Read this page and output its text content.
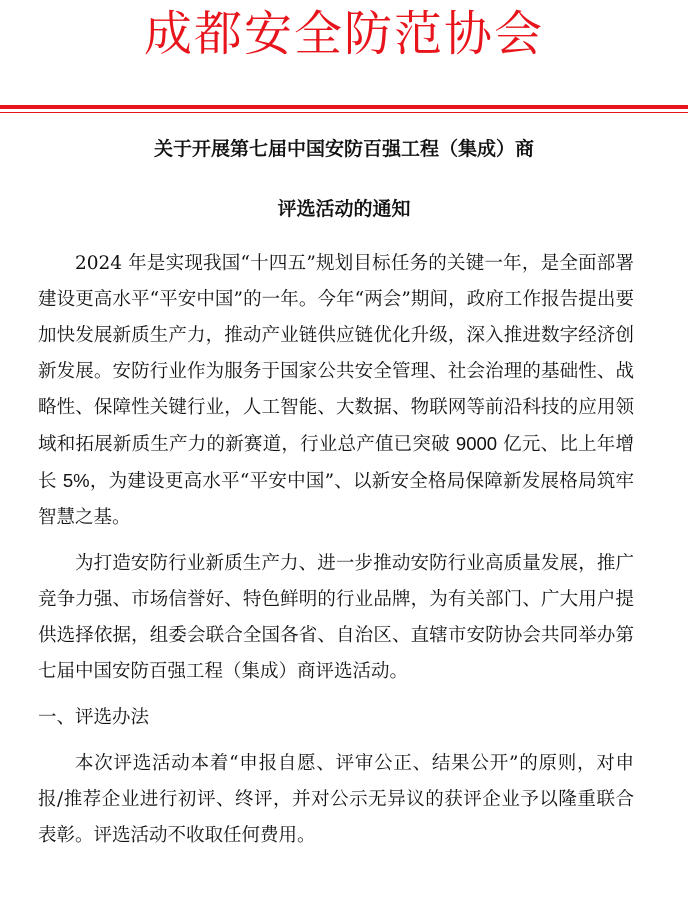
成都安全防范协会
关于开展第七届中国安防百强工程（集成）商
评选活动的通知

2024 年是实现我国“十四五”规划目标任务的关键一年，是全面部署建设更高水平“平安中国”的一年。今年“两会”期间，政府工作报告提出要加快发展新质生产力，推动产业链供应链优化升级，深入推进数字经济创新发展。安防行业作为服务于国家公共安全管理、社会治理的基础性、战略性、保障性关键行业，人工智能、大数据、物联网等前沿科技的应用领域和拓展新质生产力的新赛道，行业总产值已突破 9000 亿元、比上年增长 5%，为建设更高水平“平安中国”、以新安全格局保障新发展格局筑牢智慧之基。

为打造安防行业新质生产力、进一步推动安防行业高质量发展，推广竞争力强、市场信誉好、特色鲜明的行业品牌，为有关部门、广大用户提供选择依据，组委会联合全国各省、自治区、直辖市安防协会共同举办第七届中国安防百强工程（集成）商评选活动。

一、评选办法

本次评选活动本着“申报自愿、评审公正、结果公开”的原则，对申报/推荐企业进行初评、终评，并对公示无异议的获评企业予以隆重联合表彰。评选活动不收取任何费用。
